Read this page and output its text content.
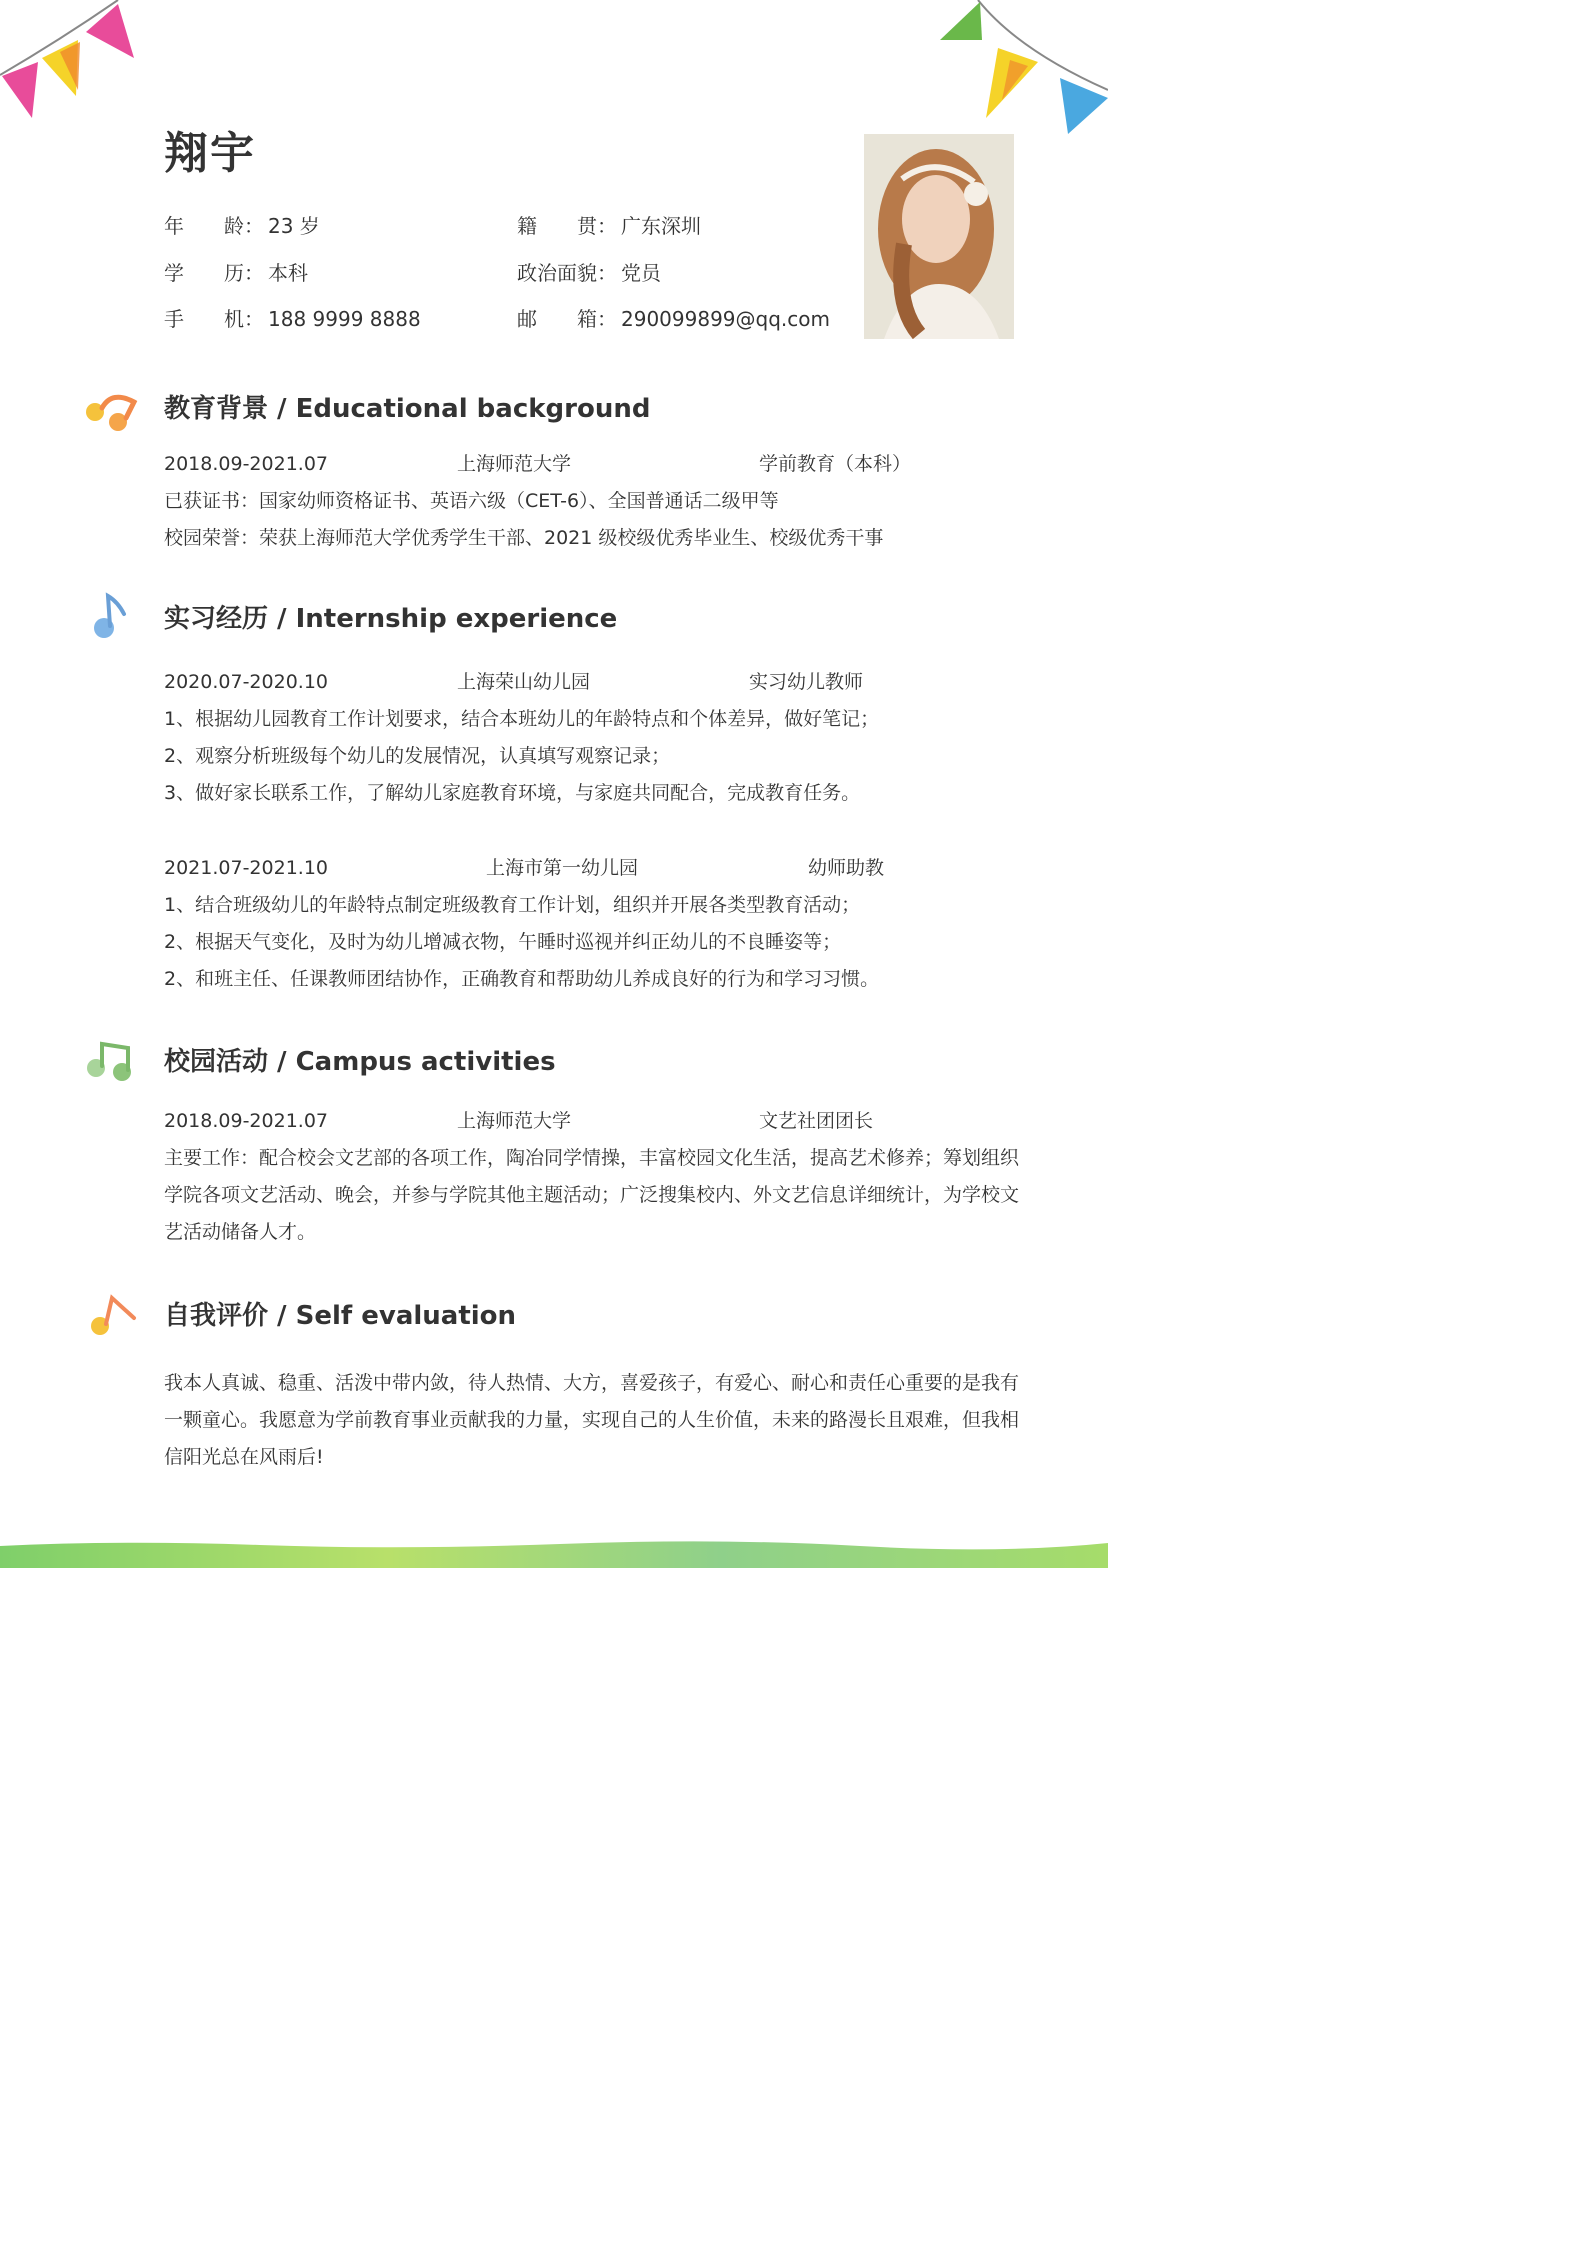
翔宇
年　　龄： 23 岁	籍　　贯： 广东深圳
学　　历： 本科	政治面貌： 党员
手　　机： 188 9999 8888	邮　　箱： 290099899@qq.com
教育背景 / Educational background
2018.09-2021.07	上海师范大学	学前教育（本科）
已获证书：国家幼师资格证书、英语六级（CET-6）、全国普通话二级甲等
校园荣誉：荣获上海师范大学优秀学生干部、2021 级校级优秀毕业生、校级优秀干事
实习经历 / Internship experience
2020.07-2020.10	上海荣山幼儿园	实习幼儿教师
1、根据幼儿园教育工作计划要求，结合本班幼儿的年龄特点和个体差异，做好笔记；
2、观察分析班级每个幼儿的发展情况，认真填写观察记录；
3、做好家长联系工作，了解幼儿家庭教育环境，与家庭共同配合，完成教育任务。
2021.07-2021.10	上海市第一幼儿园	幼师助教
1、结合班级幼儿的年龄特点制定班级教育工作计划，组织并开展各类型教育活动；
2、根据天气变化，及时为幼儿增减衣物，午睡时巡视并纠正幼儿的不良睡姿等；
2、和班主任、任课教师团结协作，正确教育和帮助幼儿养成良好的行为和学习习惯。
校园活动 / Campus activities
2018.09-2021.07	上海师范大学	文艺社团团长
主要工作：配合校会文艺部的各项工作，陶冶同学情操，丰富校园文化生活，提高艺术修养；筹划组织学院各项文艺活动、晚会，并参与学院其他主题活动；广泛搜集校内、外文艺信息详细统计，为学校文艺活动储备人才。
自我评价 / Self evaluation
我本人真诚、稳重、活泼中带内敛，待人热情、大方，喜爱孩子，有爱心、耐心和责任心重要的是我有一颗童心。我愿意为学前教育事业贡献我的力量，实现自己的人生价值，未来的路漫长且艰难，但我相信阳光总在风雨后!
